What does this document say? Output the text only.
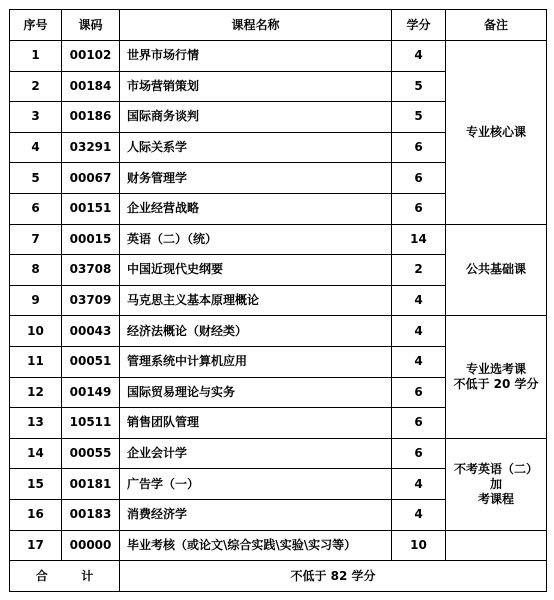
序号	课码	课程名称	学分	备注
1	00102	世界市场行情	4	专业核心课
2	00184	市场营销策划	5	
3	00186	国际商务谈判	5	
4	03291	人际关系学	6	
5	00067	财务管理学	6	
6	00151	企业经营战略	6	
7	00015	英语（二）（统）	14	公共基础课
8	03708	中国近现代史纲要	2	
9	03709	马克思主义基本原理概论	4	
10	00043	经济法概论（财经类）	4	专业选考课
不低于 20 学分

11	00051	管理系统中计算机应用	4	
12	00149	国际贸易理论与实务	6	
13	10511	销售团队管理	6	
14	00055	企业会计学	6	不考英语（二）加
考课程

15	00181	广告学（一）	4	
16	00183	消费经济学	4	
17	00000	毕业考核（或论文\综合实践\实验\实习等）	10	
合 计		不低于 82 学分		
